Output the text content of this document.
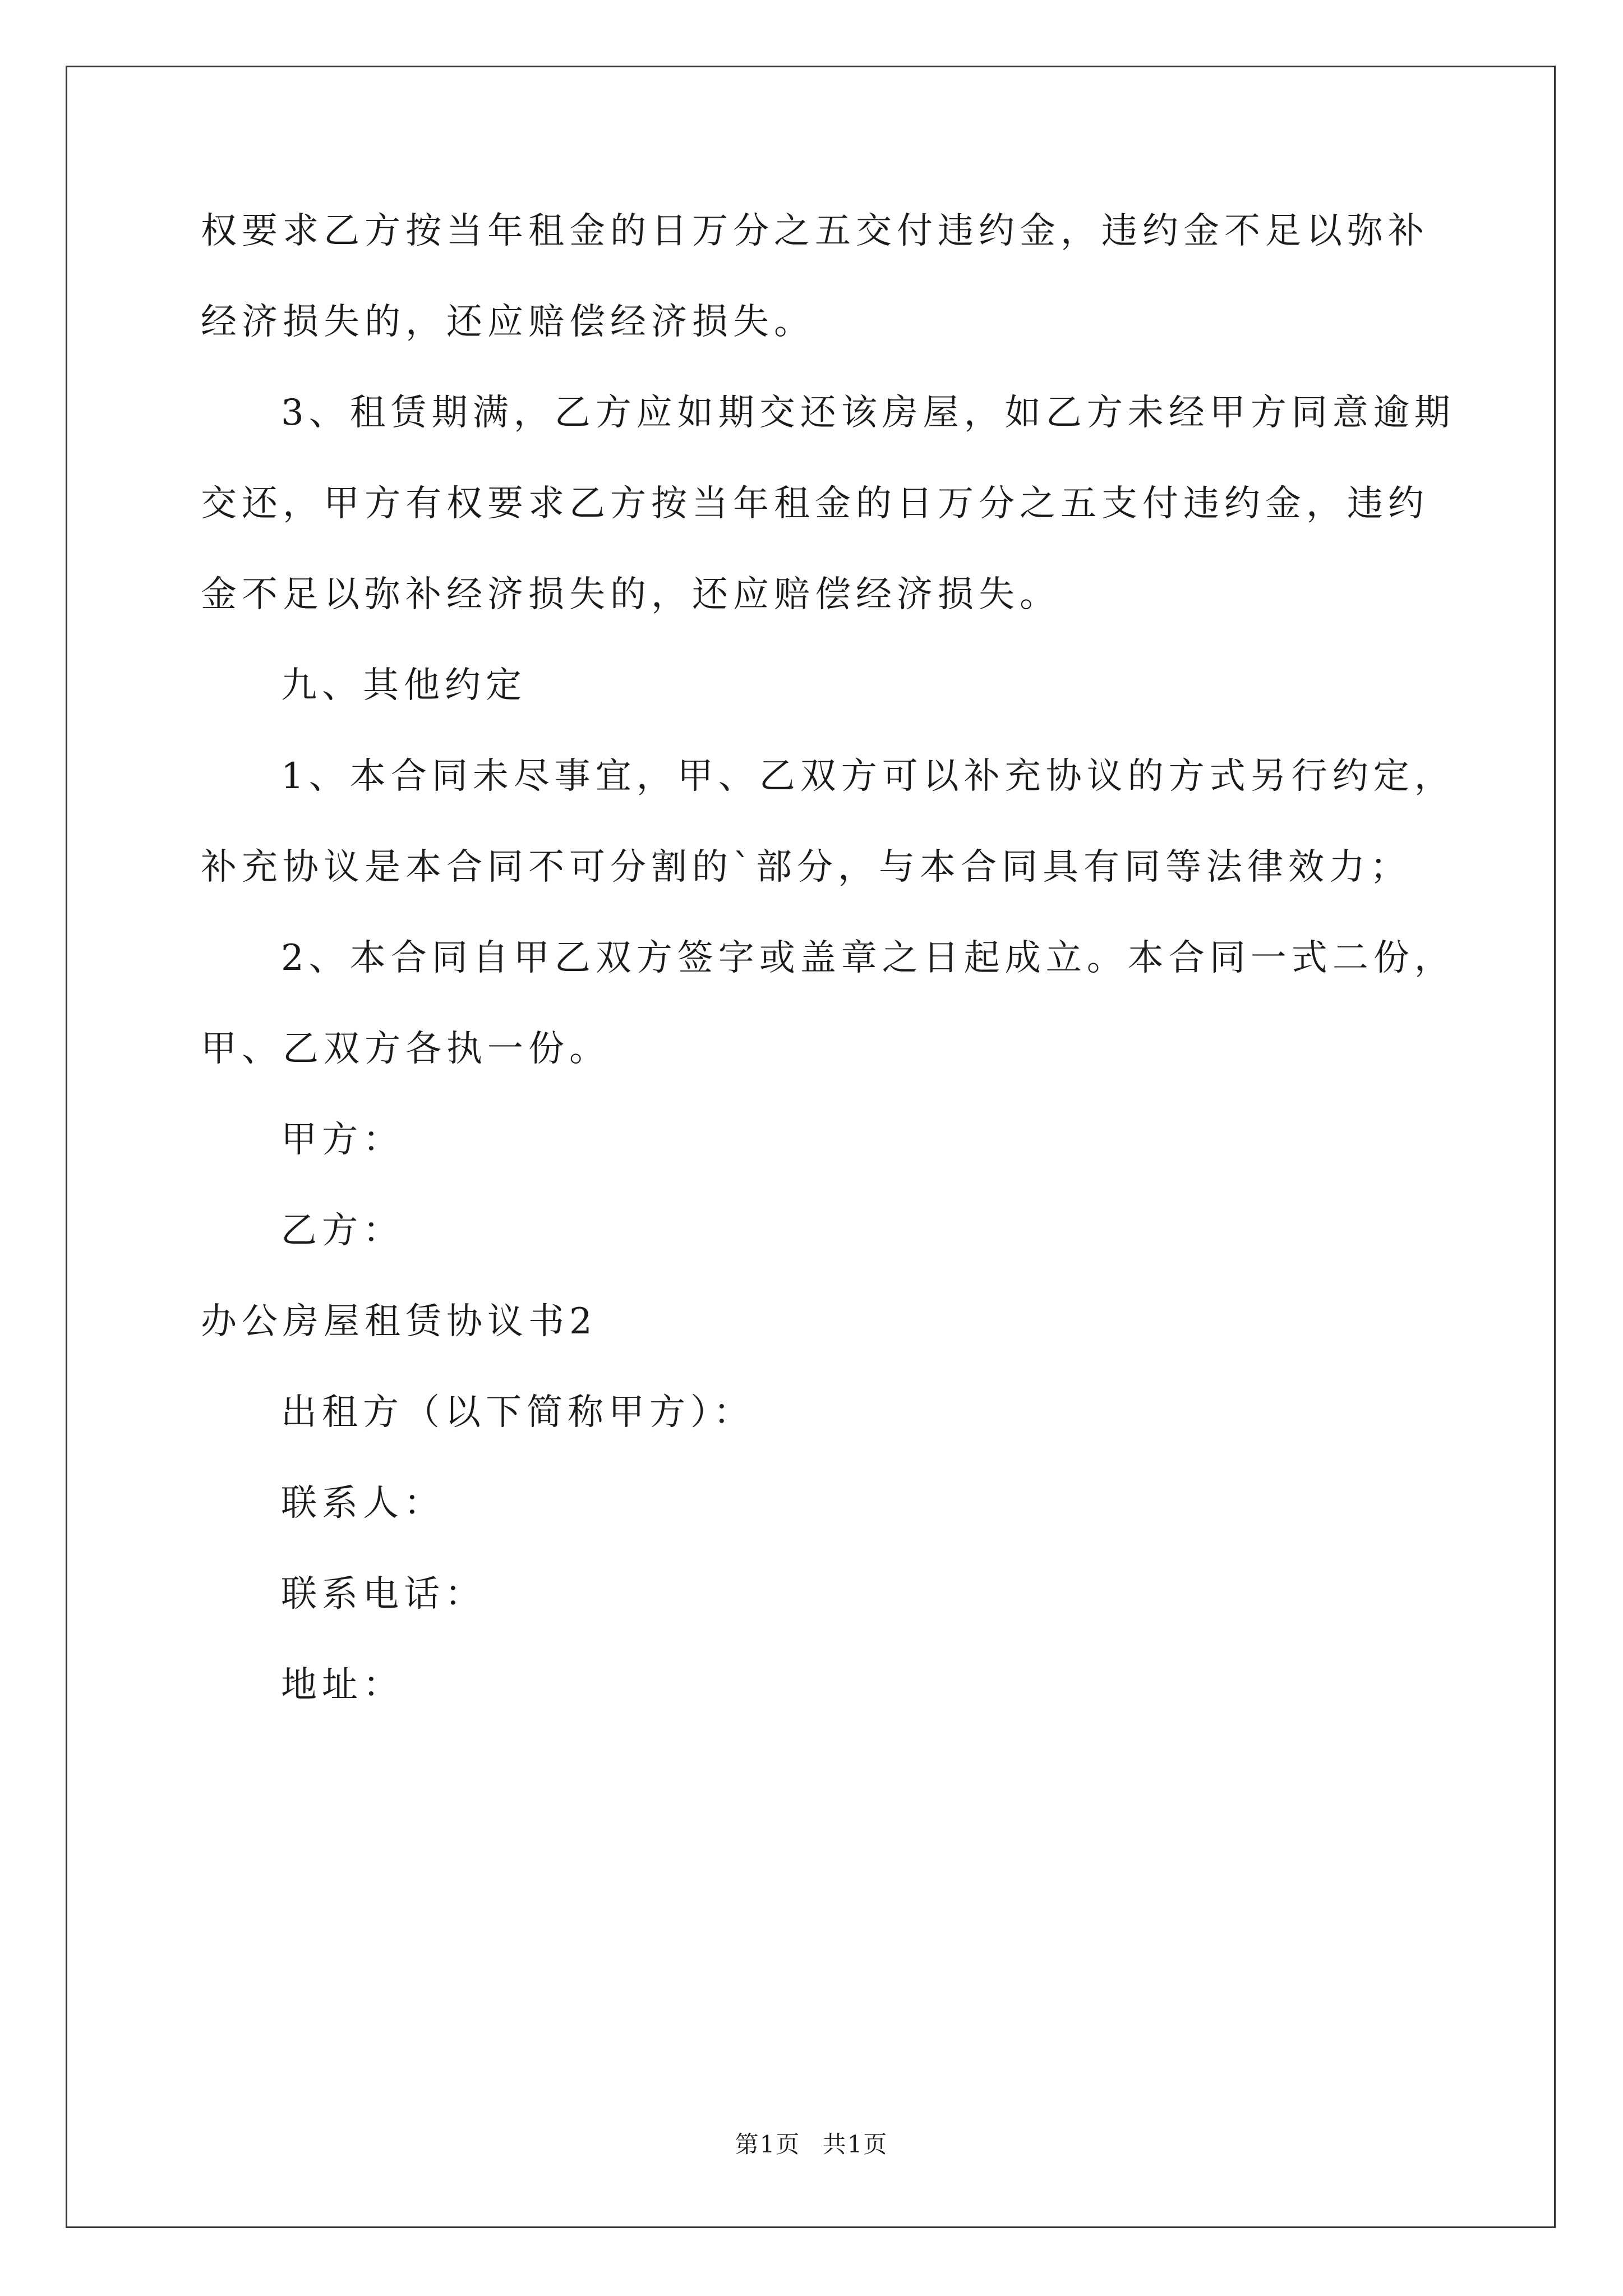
权要求乙方按当年租金的日万分之五交付违约金，违约金不足以弥补
经济损失的，还应赔偿经济损失。
3、租赁期满，乙方应如期交还该房屋，如乙方未经甲方同意逾期
交还，甲方有权要求乙方按当年租金的日万分之五支付违约金，违约
金不足以弥补经济损失的，还应赔偿经济损失。
九、其他约定
1、本合同未尽事宜，甲、乙双方可以补充协议的方式另行约定，
补充协议是本合同不可分割的`部分，与本合同具有同等法律效力；
2、本合同自甲乙双方签字或盖章之日起成立。本合同一式二份，
甲、乙双方各执一份。
甲方：
乙方：
办公房屋租赁协议书2
出租方（以下简称甲方）：
联系人：
联系电话：
地址：
第1页 共1页
